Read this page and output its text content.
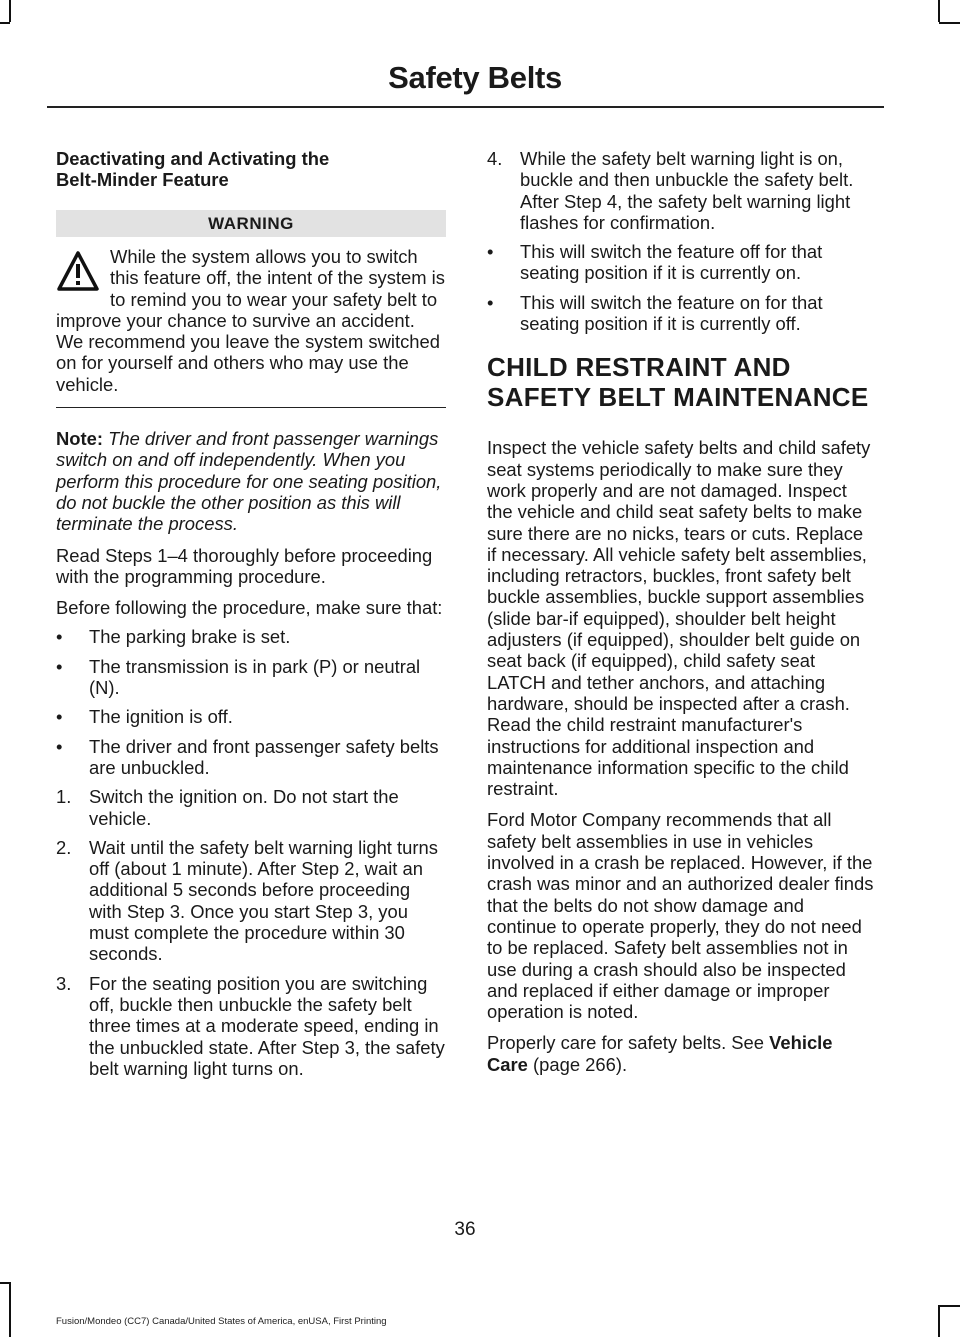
Safety Belts
Deactivating and Activating the
Belt-Minder Feature
WARNING

While the system allows you to switch this feature off, the intent of the system is to remind you to wear your safety belt to improve your chance to survive an accident. We recommend you leave the system switched on for yourself and others who may use the vehicle.

Note: The driver and front passenger warnings switch on and off independently. When you perform this procedure for one seating position, do not buckle the other position as this will terminate the process.

Read Steps 1–4 thoroughly before proceeding with the programming procedure.

Before following the procedure, make sure that:

• The parking brake is set.
• The transmission is in park (P) or neutral (N).
• The ignition is off.
• The driver and front passenger safety belts are unbuckled.
1. Switch the ignition on. Do not start the vehicle.
2. Wait until the safety belt warning light turns off (about 1 minute). After Step 2, wait an additional 5 seconds before proceeding with Step 3. Once you start Step 3, you must complete the procedure within 30 seconds.
3. For the seating position you are switching off, buckle then unbuckle the safety belt three times at a moderate speed, ending in the unbuckled state. After Step 3, the safety belt warning light turns on.
4. While the safety belt warning light is on, buckle and then unbuckle the safety belt. After Step 4, the safety belt warning light flashes for confirmation.
• This will switch the feature off for that seating position if it is currently on.
• This will switch the feature on for that seating position if it is currently off.
CHILD RESTRAINT AND
SAFETY BELT MAINTENANCE

Inspect the vehicle safety belts and child safety seat systems periodically to make sure they work properly and are not damaged. Inspect the vehicle and child seat safety belts to make sure there are no nicks, tears or cuts. Replace if necessary. All vehicle safety belt assemblies, including retractors, buckles, front safety belt buckle assemblies, buckle support assemblies (slide bar-if equipped), shoulder belt height adjusters (if equipped), shoulder belt guide on seat back (if equipped), child safety seat LATCH and tether anchors, and attaching hardware, should be inspected after a crash. Read the child restraint manufacturer's instructions for additional inspection and maintenance information specific to the child restraint.

Ford Motor Company recommends that all safety belt assemblies in use in vehicles involved in a crash be replaced. However, if the crash was minor and an authorized dealer finds that the belts do not show damage and continue to operate properly, they do not need to be replaced. Safety belt assemblies not in use during a crash should also be inspected and replaced if either damage or improper operation is noted.

Properly care for safety belts. See Vehicle Care (page 266).

36
Fusion/Mondeo (CC7) Canada/United States of America, enUSA, First Printing
